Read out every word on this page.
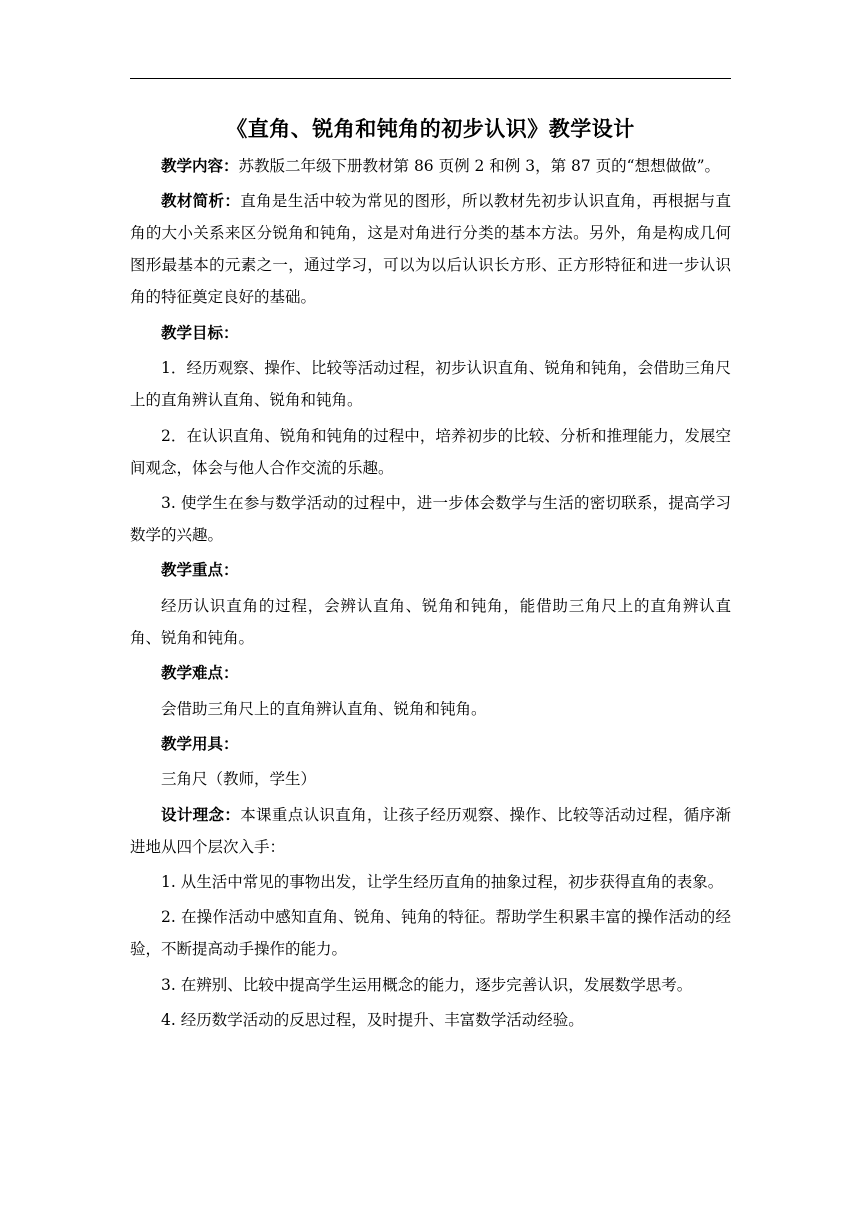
《直角、锐角和钝角的初步认识》教学设计

教学内容：苏教版二年级下册教材第 86 页例 2 和例 3，第 87 页的“想想做做”。

教材简析：直角是生活中较为常见的图形，所以教材先初步认识直角，再根据与直角的大小关系来区分锐角和钝角，这是对角进行分类的基本方法。另外，角是构成几何图形最基本的元素之一，通过学习，可以为以后认识长方形、正方形特征和进一步认识角的特征奠定良好的基础。

教学目标：

1．经历观察、操作、比较等活动过程，初步认识直角、锐角和钝角，会借助三角尺上的直角辨认直角、锐角和钝角。

2．在认识直角、锐角和钝角的过程中，培养初步的比较、分析和推理能力，发展空间观念，体会与他人合作交流的乐趣。

3. 使学生在参与数学活动的过程中，进一步体会数学与生活的密切联系，提高学习数学的兴趣。

教学重点：

经历认识直角的过程，会辨认直角、锐角和钝角，能借助三角尺上的直角辨认直角、锐角和钝角。

教学难点：

会借助三角尺上的直角辨认直角、锐角和钝角。

教学用具：

三角尺（教师，学生）

设计理念：本课重点认识直角，让孩子经历观察、操作、比较等活动过程，循序渐进地从四个层次入手：

1. 从生活中常见的事物出发，让学生经历直角的抽象过程，初步获得直角的表象。

2. 在操作活动中感知直角、锐角、钝角的特征。帮助学生积累丰富的操作活动的经验，不断提高动手操作的能力。

3. 在辨别、比较中提高学生运用概念的能力，逐步完善认识，发展数学思考。

4. 经历数学活动的反思过程，及时提升、丰富数学活动经验。
